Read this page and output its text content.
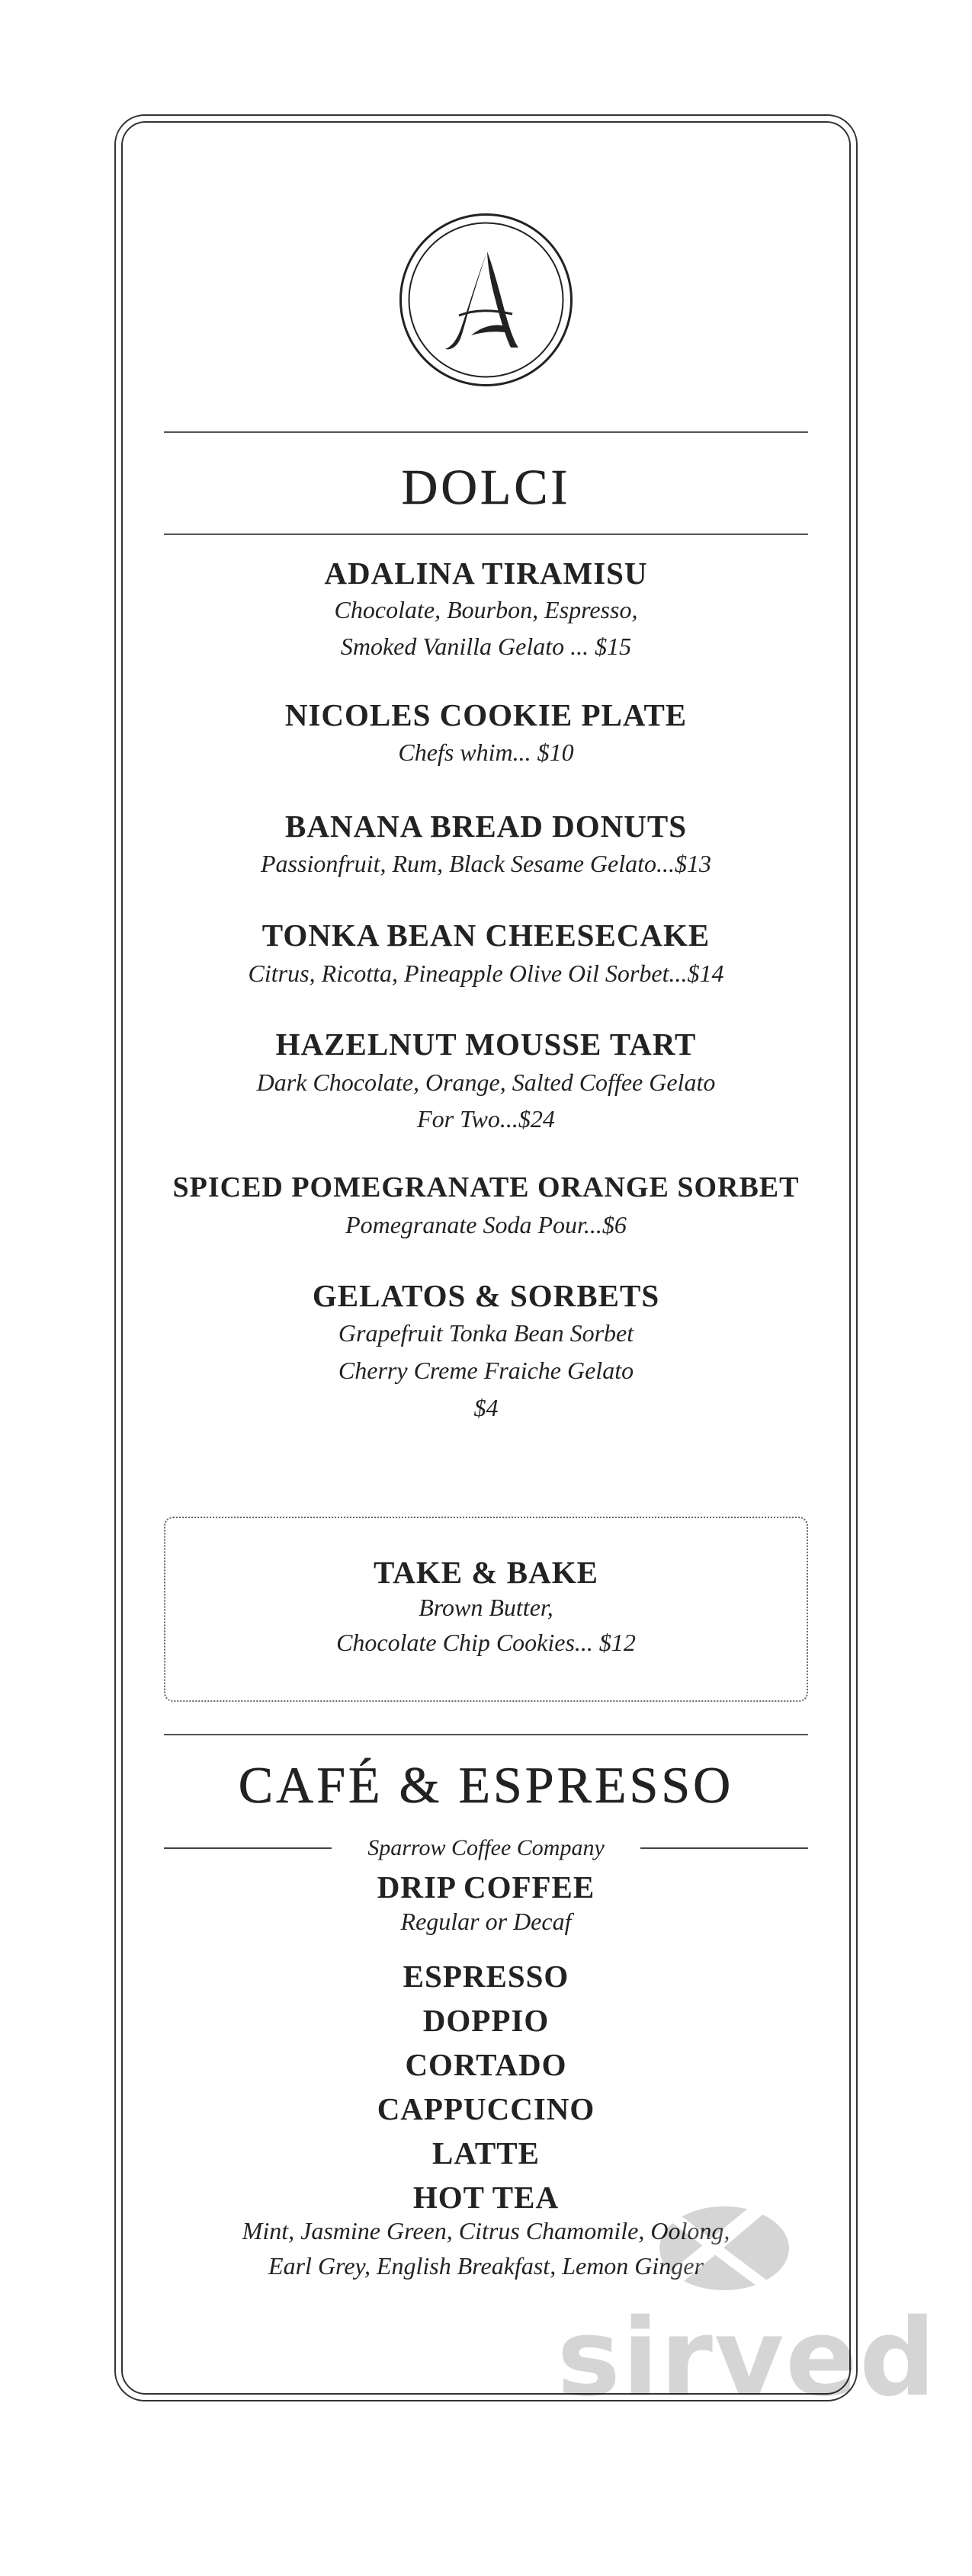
DOLCI
ADALINA TIRAMISU
Chocolate, Bourbon, Espresso,
Smoked Vanilla Gelato ... $15
NICOLES COOKIE PLATE
Chefs whim... $10
BANANA BREAD DONUTS
Passionfruit, Rum, Black Sesame Gelato...$13
TONKA BEAN CHEESECAKE
Citrus, Ricotta, Pineapple Olive Oil Sorbet...$14
HAZELNUT MOUSSE TART
Dark Chocolate, Orange, Salted Coffee Gelato
For Two...$24
SPICED POMEGRANATE ORANGE SORBET
Pomegranate Soda Pour...$6
GELATOS & SORBETS
Grapefruit Tonka Bean Sorbet
Cherry Creme Fraiche Gelato
$4
TAKE & BAKE
Brown Butter,
Chocolate Chip Cookies... $12
CAFÉ & ESPRESSO
Sparrow Coffee Company
DRIP COFFEE
Regular or Decaf
ESPRESSO
DOPPIO
CORTADO
CAPPUCCINO
LATTE
HOT TEA
Mint, Jasmine Green, Citrus Chamomile, Oolong,
Earl Grey, English Breakfast, Lemon Ginger
sirved
